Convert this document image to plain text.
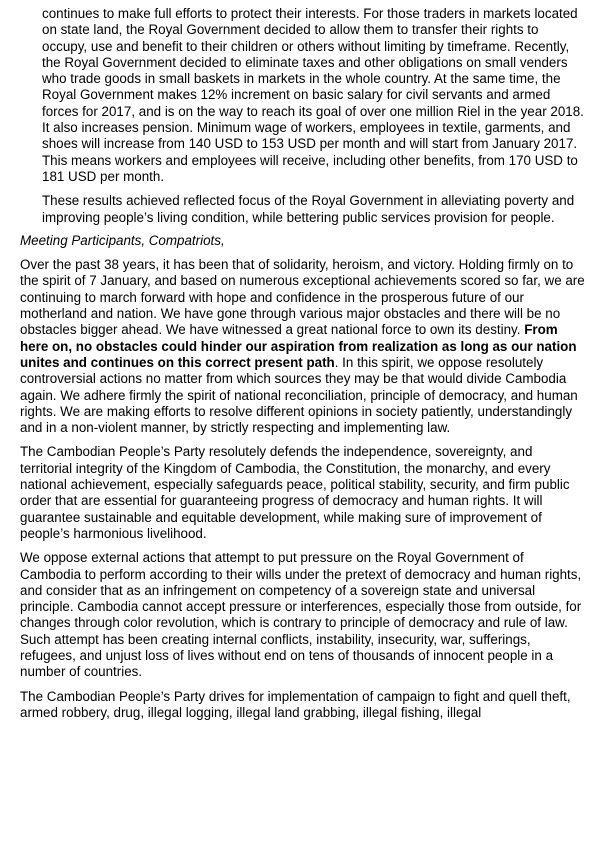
continues to make full efforts to protect their interests. For those traders in markets located on state land, the Royal Government decided to allow them to transfer their rights to occupy, use and benefit to their children or others without limiting by timeframe. Recently, the Royal Government decided to eliminate taxes and other obligations on small venders who trade goods in small baskets in markets in the whole country. At the same time, the Royal Government makes 12% increment on basic salary for civil servants and armed forces for 2017, and is on the way to reach its goal of over one million Riel in the year 2018. It also increases pension. Minimum wage of workers, employees in textile, garments, and shoes will increase from 140 USD to 153 USD per month and will start from January 2017. This means workers and employees will receive, including other benefits, from 170 USD to 181 USD per month.

These results achieved reflected focus of the Royal Government in alleviating poverty and improving people’s living condition, while bettering public services provision for people.

Meeting Participants, Compatriots,

Over the past 38 years, it has been that of solidarity, heroism, and victory. Holding firmly on to the spirit of 7 January, and based on numerous exceptional achievements scored so far, we are continuing to march forward with hope and confidence in the prosperous future of our motherland and nation. We have gone through various major obstacles and there will be no obstacles bigger ahead. We have witnessed a great national force to own its destiny. From here on, no obstacles could hinder our aspiration from realization as long as our nation unites and continues on this correct present path. In this spirit, we oppose resolutely controversial actions no matter from which sources they may be that would divide Cambodia again. We adhere firmly the spirit of national reconciliation, principle of democracy, and human rights. We are making efforts to resolve different opinions in society patiently, understandingly and in a non-violent manner, by strictly respecting and implementing law.

The Cambodian People’s Party resolutely defends the independence, sovereignty, and territorial integrity of the Kingdom of Cambodia, the Constitution, the monarchy, and every national achievement, especially safeguards peace, political stability, security, and firm public order that are essential for guaranteeing progress of democracy and human rights. It will guarantee sustainable and equitable development, while making sure of improvement of people’s harmonious livelihood.

We oppose external actions that attempt to put pressure on the Royal Government of Cambodia to perform according to their wills under the pretext of democracy and human rights, and consider that as an infringement on competency of a sovereign state and universal principle. Cambodia cannot accept pressure or interferences, especially those from outside, for changes through color revolution, which is contrary to principle of democracy and rule of law. Such attempt has been creating internal conflicts, instability, insecurity, war, sufferings, refugees, and unjust loss of lives without end on tens of thousands of innocent people in a number of countries.

The Cambodian People’s Party drives for implementation of campaign to fight and quell theft, armed robbery, drug, illegal logging, illegal land grabbing, illegal fishing, illegal
